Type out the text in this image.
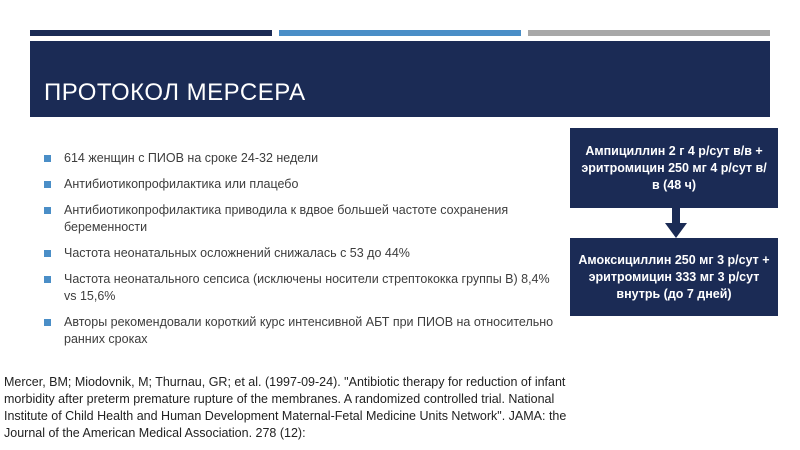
ПРОТОКОЛ МЕРСЕРА
614 женщин с ПИОВ на сроке 24-32 недели
Антибиотикопрофилактика или плацебо
Антибиотикопрофилактика приводила к вдвое большей частоте сохранения беременности
Частота неонатальных осложнений снижалась с 53 до 44%
Частота неонатального сепсиса (исключены носители стрептококка группы B) 8,4% vs 15,6%
Авторы рекомендовали короткий курс интенсивной АБТ при ПИОВ на относительно ранних сроках
Ампициллин 2 г 4 р/сут в/в + эритромицин 250 мг 4 р/сут в/в (48 ч)
Амоксициллин 250 мг 3 р/сут + эритромицин 333 мг 3 р/сут внутрь (до 7 дней)
Mercer, BM; Miodovnik, M; Thurnau, GR; et al. (1997-09-24). "Antibiotic therapy for reduction of infant morbidity after preterm premature rupture of the membranes. A randomized controlled trial. National Institute of Child Health and Human Development Maternal-Fetal Medicine Units Network". JAMA: the Journal of the American Medical Association. 278 (12):
